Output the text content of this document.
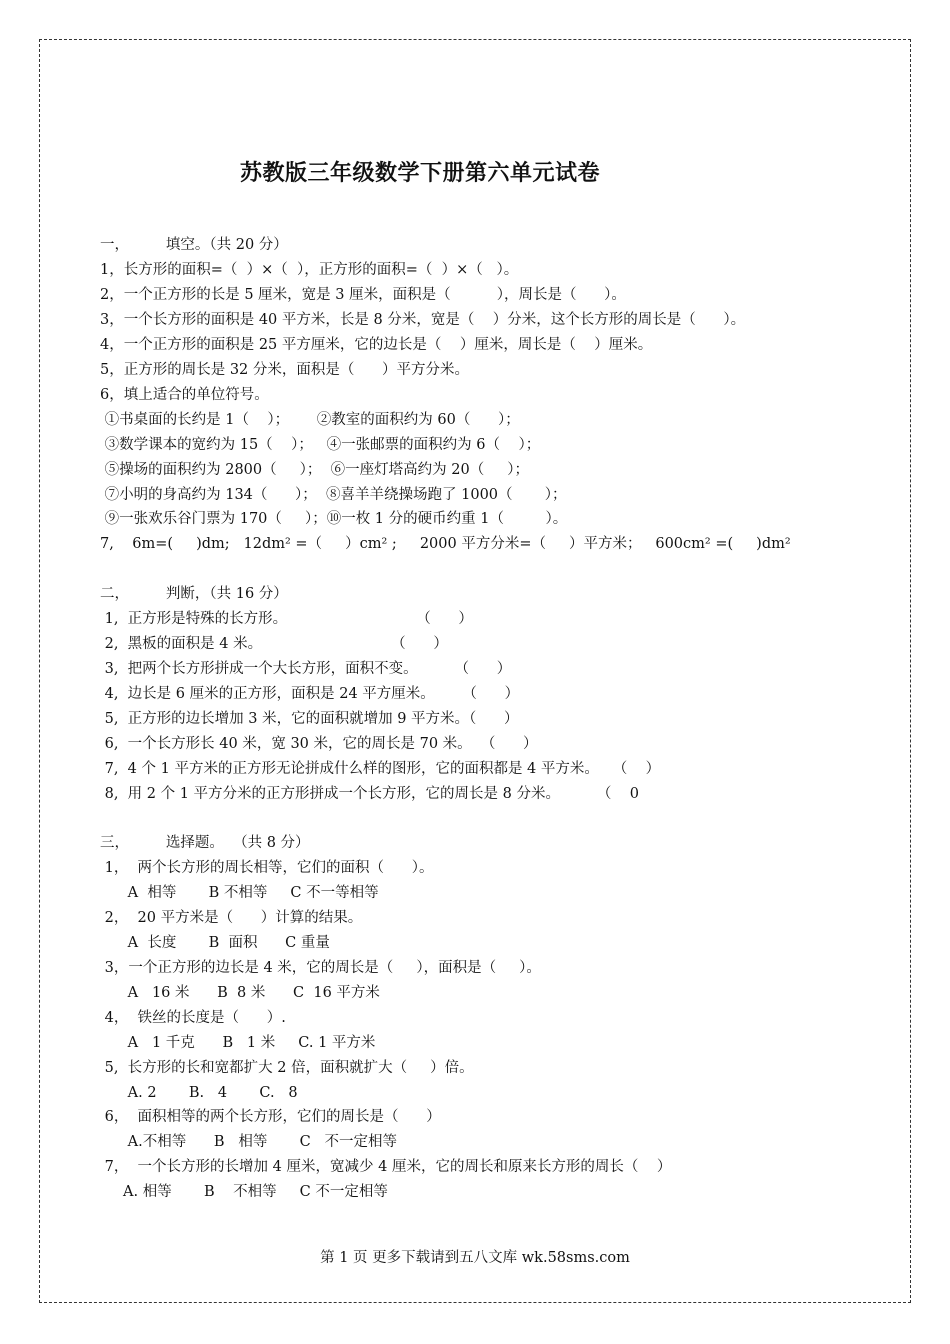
苏教版三年级数学下册第六单元试卷
一，        填空。（共 20 分）
1，长方形的面积=（  ）×（  ），正方形的面积=（  ）×（   ）。
2，一个正方形的长是 5 厘米，宽是 3 厘米，面积是（          ），周长是（      ）。
3，一个长方形的面积是 40 平方米，长是 8 分米，宽是（    ）分米，这个长方形的周长是（      ）。
4，一个正方形的面积是 25 平方厘米，它的边长是（    ）厘米，周长是（    ）厘米。
5，正方形的周长是 32 分米，面积是（      ）平方分米。
6，填上适合的单位符号。
①书桌面的长约是 1（    ）；      ②教室的面积约为 60（      ）；
③数学课本的宽约为 15（    ）；   ④一张邮票的面积约为 6（    ）；
⑤操场的面积约为 2800（     ）；  ⑥一座灯塔高约为 20（     ）；
⑦小明的身高约为 134（      ）；  ⑧喜羊羊绕操场跑了 1000（       ）；
⑨一张欢乐谷门票为 170（     ）；⑩一枚 1 分的硬币约重 1（         ）。
7,    6m=(     )dm;   12dm² =（     ）cm² ;     2000 平方分米=（     ）平方米；   600cm² =(     )dm²
二，        判断，（共 16 分）
1,  正方形是特殊的长方形。                            （      ）
2,  黑板的面积是 4 米。                            （      ）
3,  把两个长方形拼成一个大长方形，面积不变。        （      ）
4,  边长是 6 厘米的正方形，面积是 24 平方厘米。      （      ）
5,  正方形的边长增加 3 米，它的面积就增加 9 平方米。（      ）
6,  一个长方形长 40 米，宽 30 米，它的周长是 70 米。  （      ）
7,  4 个 1 平方米的正方形无论拼成什么样的图形，它的面积都是 4 平方米。   （    ）
8,  用 2 个 1 平方分米的正方形拼成一个长方形，它的周长是 8 分米。        （    0
三，        选择题。  （共 8 分）
1，  两个长方形的周长相等，它们的面积（      ）。
A  相等       B 不相等     C 不一等相等
2，  20 平方米是（      ）计算的结果。
A  长度       B  面积      C 重量
3，一个正方形的边长是 4 米，它的周长是（     ），面积是（     ）。
A   16 米      B  8 米      C  16 平方米
4，  铁丝的长度是（      ）.
A   1 千克      B   1 米     C. 1 平方米
5,  长方形的长和宽都扩大 2 倍，面积就扩大（     ）倍。
A. 2       B.   4       C.   8
6，  面积相等的两个长方形，它们的周长是（      ）
A.不相等      B   相等       C   不一定相等
7，  一个长方形的长增加 4 厘米，宽减少 4 厘米，它的周长和原来长方形的周长（    ）
A. 相等       B    不相等     C 不一定相等
第 1 页 更多下载请到五八文库 wk.58sms.com
